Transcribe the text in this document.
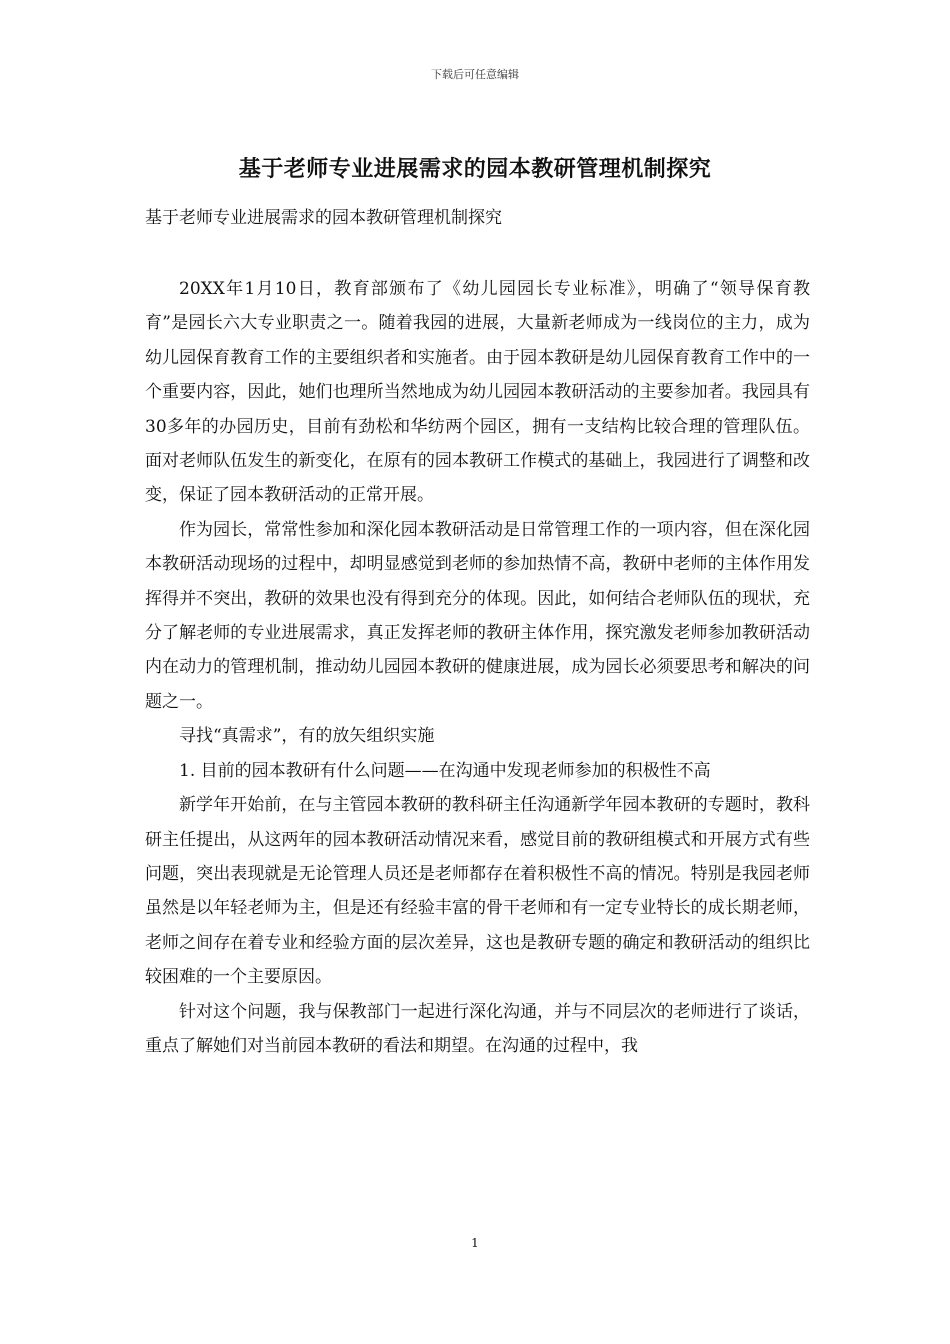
下载后可任意编辑
基于老师专业进展需求的园本教研管理机制探究
基于老师专业进展需求的园本教研管理机制探究

20XX年1月10日，教育部颁布了《幼儿园园长专业标准》，明确了“领导保育教育”是园长六大专业职责之一。随着我园的进展，大量新老师成为一线岗位的主力，成为幼儿园保育教育工作的主要组织者和实施者。由于园本教研是幼儿园保育教育工作中的一个重要内容，因此，她们也理所当然地成为幼儿园园本教研活动的主要参加者。我园具有30多年的办园历史，目前有劲松和华纺两个园区，拥有一支结构比较合理的管理队伍。面对老师队伍发生的新变化，在原有的园本教研工作模式的基础上，我园进行了调整和改变，保证了园本教研活动的正常开展。

作为园长，常常性参加和深化园本教研活动是日常管理工作的一项内容，但在深化园本教研活动现场的过程中，却明显感觉到老师的参加热情不高，教研中老师的主体作用发挥得并不突出，教研的效果也没有得到充分的体现。因此，如何结合老师队伍的现状，充分了解老师的专业进展需求，真正发挥老师的教研主体作用，探究激发老师参加教研活动内在动力的管理机制，推动幼儿园园本教研的健康进展，成为园长必须要思考和解决的问题之一。

寻找“真需求”，有的放矢组织实施

1. 目前的园本教研有什么问题——在沟通中发现老师参加的积极性不高

新学年开始前，在与主管园本教研的教科研主任沟通新学年园本教研的专题时，教科研主任提出，从这两年的园本教研活动情况来看，感觉目前的教研组模式和开展方式有些问题，突出表现就是无论管理人员还是老师都存在着积极性不高的情况。特别是我园老师虽然是以年轻老师为主，但是还有经验丰富的骨干老师和有一定专业特长的成长期老师，老师之间存在着专业和经验方面的层次差异，这也是教研专题的确定和教研活动的组织比较困难的一个主要原因。

针对这个问题，我与保教部门一起进行深化沟通，并与不同层次的老师进行了谈话，重点了解她们对当前园本教研的看法和期望。在沟通的过程中，我

1
